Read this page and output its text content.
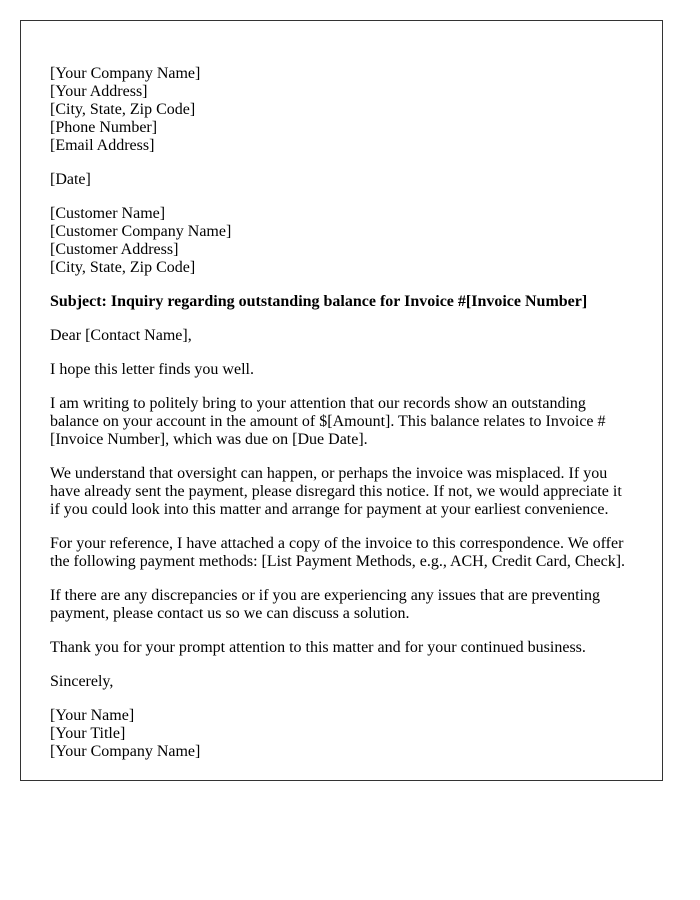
[Your Company Name]
[Your Address]
[City, State, Zip Code]
[Phone Number]
[Email Address]

[Date]

[Customer Name]
[Customer Company Name]
[Customer Address]
[City, State, Zip Code]

Subject: Inquiry regarding outstanding balance for Invoice #[Invoice Number]

Dear [Contact Name],

I hope this letter finds you well.

I am writing to politely bring to your attention that our records show an outstanding balance on your account in the amount of $[Amount]. This balance relates to Invoice #[Invoice Number], which was due on [Due Date].

We understand that oversight can happen, or perhaps the invoice was misplaced. If you have already sent the payment, please disregard this notice. If not, we would appreciate it if you could look into this matter and arrange for payment at your earliest convenience.

For your reference, I have attached a copy of the invoice to this correspondence. We offer the following payment methods: [List Payment Methods, e.g., ACH, Credit Card, Check].

If there are any discrepancies or if you are experiencing any issues that are preventing payment, please contact us so we can discuss a solution.

Thank you for your prompt attention to this matter and for your continued business.

Sincerely,

[Your Name]
[Your Title]
[Your Company Name]
